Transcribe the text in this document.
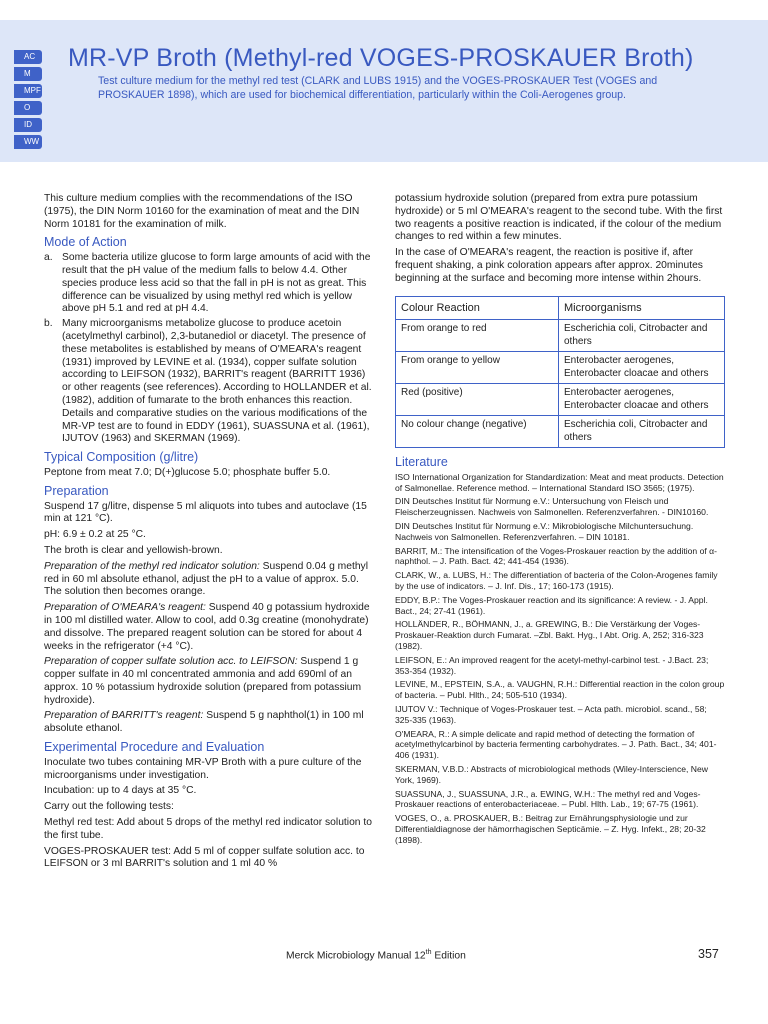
AC
M
MPF
O
ID
WW
MR-VP Broth (Methyl-red VOGES-PROSKAUER Broth)
Test culture medium for the methyl red test (CLARK and LUBS 1915) and the VOGES-PROSKAUER Test (VOGES and PROSKAUER 1898), which are used for biochemical differentiation, particularly within the Coli-Aerogenes group.

This culture medium complies with the recommendations of the ISO (1975), the DIN Norm 10160 for the examination of meat and the DIN Norm 10181 for the examination of milk.

Mode of Action
a. Some bacteria utilize glucose to form large amounts of acid with the result that the pH value of the medium falls to below 4.4. Other species produce less acid so that the fall in pH is not as great. This difference can be visualized by using methyl red which is yellow above pH 5.1 and red at pH 4.4.
b. Many microorganisms metabolize glucose to produce acetoin (acetylmethyl carbinol), 2,3-butanediol or diacetyl. The presence of these metabolites is established by means of O'MEARA's reagent (1931) improved by LEVINE et al. (1934), copper sulfate solution according to LEIFSON (1932), BARRIT's reagent (BARRITT 1936) or other reagents (see references). According to HOLLANDER et al. (1982), addition of fumarate to the broth enhances this reaction. Details and comparative studies on the various modifications of the MR-VP test are to found in EDDY (1961), SUASSUNA et al. (1961), IJUTOV (1963) and SKERMAN (1969).
Typical Composition (g/litre)

Peptone from meat 7.0; D(+)glucose 5.0; phosphate buffer 5.0.

Preparation

Suspend 17 g/litre, dispense 5 ml aliquots into tubes and autoclave (15 min at 121 °C).

pH: 6.9 ± 0.2 at 25 °C.

The broth is clear and yellowish-brown.

Preparation of the methyl red indicator solution: Suspend 0.04 g methyl red in 60 ml absolute ethanol, adjust the pH to a value of approx. 5.0. The solution then becomes orange.

Preparation of O'MEARA's reagent: Suspend 40 g potassium hydroxide in 100 ml distilled water. Allow to cool, add 0.3g creatine (monohydrate) and dissolve. The prepared reagent solution can be stored for about 4 weeks in the refrigerator (+4 °C).

Preparation of copper sulfate solution acc. to LEIFSON: Suspend 1 g copper sulfate in 40 ml concentrated ammonia and add 690ml of an approx. 10 % potassium hydroxide solution (prepared from potassium hydroxide).

Preparation of BARRITT's reagent: Suspend 5 g naphthol(1) in 100 ml absolute ethanol.

Experimental Procedure and Evaluation

Inoculate two tubes containing MR-VP Broth with a pure culture of the microorganisms under investigation.

Incubation: up to 4 days at 35 °C.

Carry out the following tests:

Methyl red test: Add about 5 drops of the methyl red indicator solution to the first tube.

VOGES-PROSKAUER test: Add 5 ml of copper sulfate solution acc. to LEIFSON or 3 ml BARRIT's solution and 1 ml 40 %

potassium hydroxide solution (prepared from extra pure potassium hydroxide) or 5 ml O'MEARA's reagent to the second tube. With the first two reagents a positive reaction is indicated, if the colour of the medium changes to red within a few minutes.

In the case of O'MEARA's reagent, the reaction is positive if, after frequent shaking, a pink coloration appears after approx. 20minutes beginning at the surface and becoming more intense within 2hours.

Colour Reaction	Microorganisms
From orange to red	Escherichia coli, Citrobacter and others
From orange to yellow	Enterobacter aerogenes, Enterobacter cloacae and others
Red (positive)	Enterobacter aerogenes, Enterobacter cloacae and others
No colour change (negative)	Escherichia coli, Citrobacter and others
Literature

ISO International Organization for Standardization: Meat and meat products. Detection of Salmonellae. Reference method. – International Standard ISO 3565; (1975).

DIN Deutsches Institut für Normung e.V.: Untersuchung von Fleisch und Fleischerzeugnissen. Nachweis von Salmonellen. Referenzverfahren. - DIN10160.

DIN Deutsches Institut für Normung e.V.: Mikrobiologische Milchuntersuchung. Nachweis von Salmonellen. Referenzverfahren. – DIN 10181.

BARRIT, M.: The intensification of the Voges-Proskauer reaction by the addition of α-naphthol. – J. Path. Bact. 42; 441-454 (1936).

CLARK, W., a. LUBS, H.: The differentiation of bacteria of the Colon-Arogenes family by the use of indicators. – J. Inf. Dis., 17; 160-173 (1915).

EDDY, B.P.: The Voges-Proskauer reaction and its significance: A review. - J. Appl. Bact., 24; 27-41 (1961).

HOLLÄNDER, R., BÖHMANN, J., a. GREWING, B.: Die Verstärkung der Voges-Proskauer-Reaktion durch Fumarat. –Zbl. Bakt. Hyg., I Abt. Orig. A, 252; 316-323 (1982).

LEIFSON, E.: An improved reagent for the acetyl-methyl-carbinol test. - J.Bact. 23; 353-354 (1932).

LEVINE, M., EPSTEIN, S.A., a. VAUGHN, R.H.: Differential reaction in the colon group of bacteria. – Publ. Hlth., 24; 505-510 (1934).

IJUTOV V.: Technique of Voges-Proskauer test. – Acta path. microbiol. scand., 58; 325-335 (1963).

O'MEARA, R.: A simple delicate and rapid method of detecting the formation of acetylmethylcarbinol by bacteria fermenting carbohydrates. – J. Path. Bact., 34; 401-406 (1931).

SKERMAN, V.B.D.: Abstracts of microbiological methods (Wiley-Interscience, New York, 1969).

SUASSUNA, J., SUASSUNA, J.R., a. EWING, W.H.: The methyl red and Voges-Proskauer reactions of enterobacteriaceae. – Publ. Hlth. Lab., 19; 67-75 (1961).

VOGES, O., a. PROSKAUER, B.: Beitrag zur Ernährungsphysiologie und zur Differentialdiagnose der hämorrhagischen Septicämie. – Z. Hyg. Infekt., 28; 20-32 (1898).

Merck Microbiology Manual 12th Edition	357
